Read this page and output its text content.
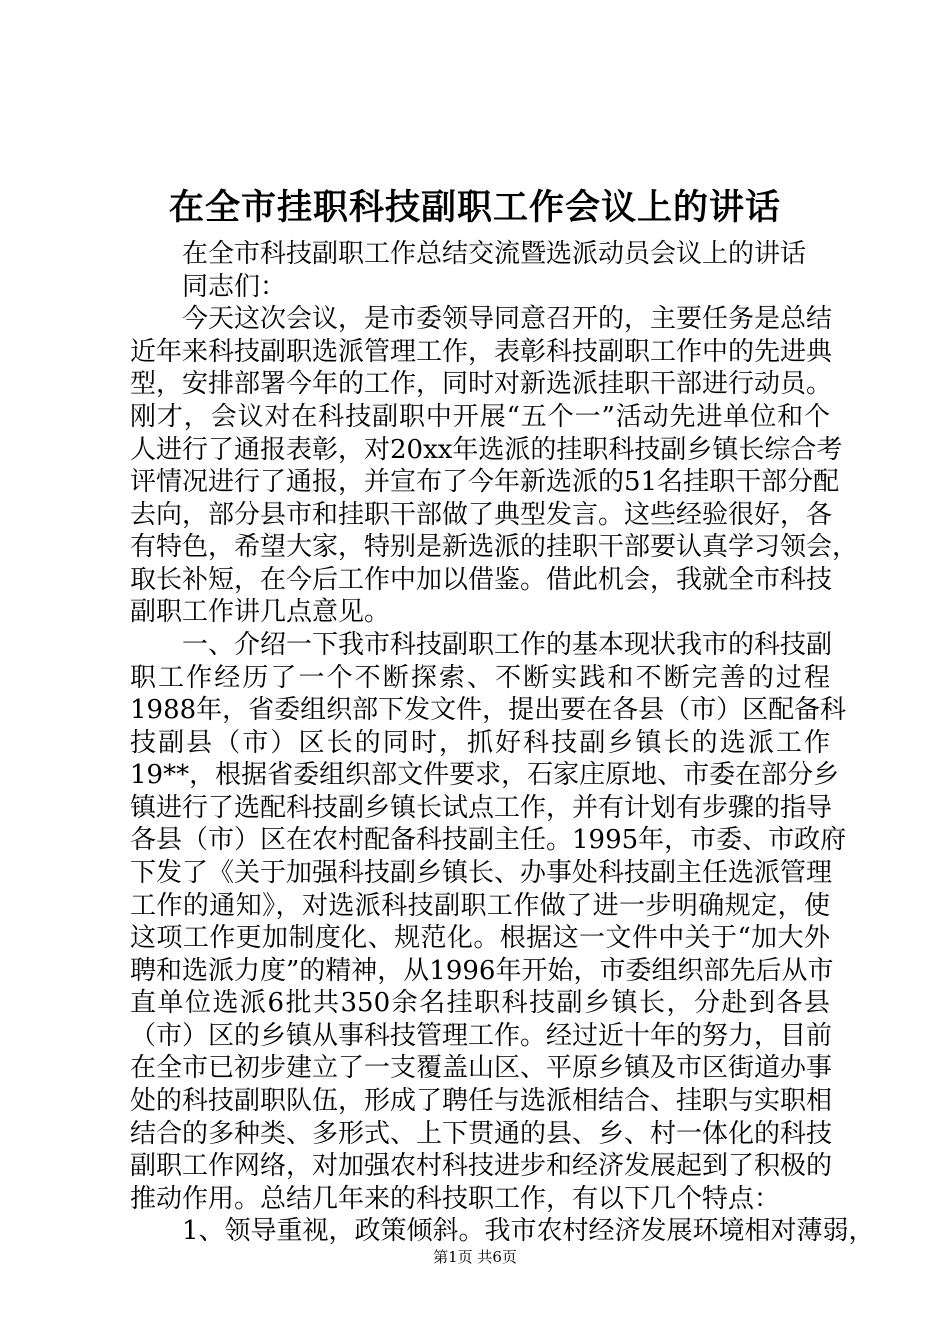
在全市挂职科技副职工作会议上的讲话
在全市科技副职工作总结交流暨选派动员会议上的讲话
同志们：
今天这次会议，是市委领导同意召开的，主要任务是总结
近年来科技副职选派管理工作，表彰科技副职工作中的先进典
型，安排部署今年的工作，同时对新选派挂职干部进行动员。
刚才，会议对在科技副职中开展“五个一”活动先进单位和个
人进行了通报表彰，对20xx年选派的挂职科技副乡镇长综合考
评情况进行了通报，并宣布了今年新选派的51名挂职干部分配
去向，部分县市和挂职干部做了典型发言。这些经验很好，各
有特色，希望大家，特别是新选派的挂职干部要认真学习领会，
取长补短，在今后工作中加以借鉴。借此机会，我就全市科技
副职工作讲几点意见。
一、介绍一下我市科技副职工作的基本现状我市的科技副
职工作经历了一个不断探索、不断实践和不断完善的过程
1988年，省委组织部下发文件，提出要在各县（市）区配备科
技副县（市）区长的同时，抓好科技副乡镇长的选派工作
19**，根据省委组织部文件要求，石家庄原地、市委在部分乡
镇进行了选配科技副乡镇长试点工作，并有计划有步骤的指导
各县（市）区在农村配备科技副主任。1995年，市委、市政府
下发了《关于加强科技副乡镇长、办事处科技副主任选派管理
工作的通知》，对选派科技副职工作做了进一步明确规定，使
这项工作更加制度化、规范化。根据这一文件中关于“加大外
聘和选派力度”的精神，从1996年开始，市委组织部先后从市
直单位选派6批共350余名挂职科技副乡镇长，分赴到各县
（市）区的乡镇从事科技管理工作。经过近十年的努力，目前
在全市已初步建立了一支覆盖山区、平原乡镇及市区街道办事
处的科技副职队伍，形成了聘任与选派相结合、挂职与实职相
结合的多种类、多形式、上下贯通的县、乡、村一体化的科技
副职工作网络，对加强农村科技进步和经济发展起到了积极的
推动作用。总结几年来的科技职工作，有以下几个特点：
1、领导重视，政策倾斜。我市农村经济发展环境相对薄弱，
第1页 共6页
